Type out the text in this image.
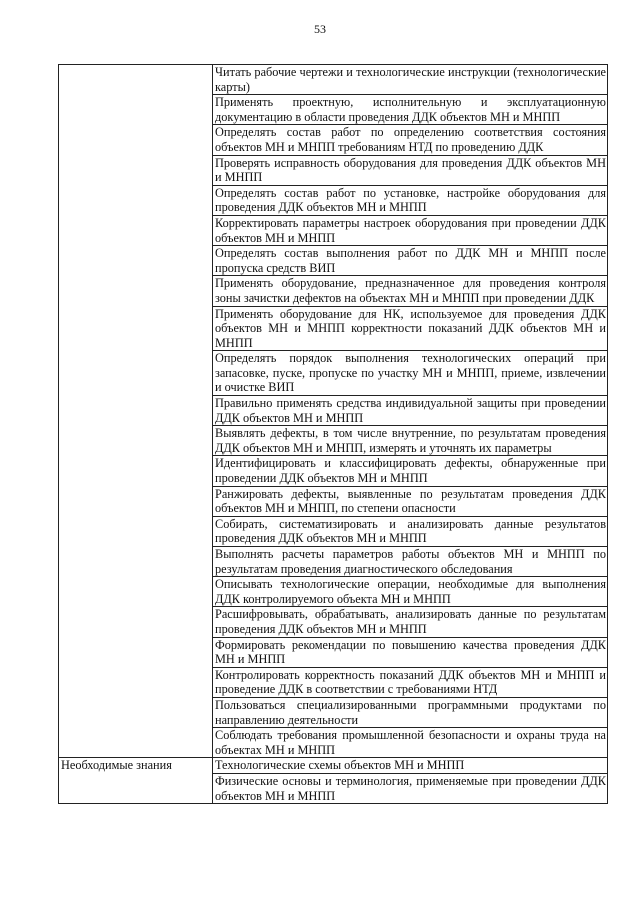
53
	Читать рабочие чертежи и технологические инструкции (технологические карты)
	Применять проектную, исполнительную и эксплуатационную документацию в области проведения ДДК объектов МН и МНПП
	Определять состав работ по определению соответствия состояния объектов МН и МНПП требованиям НТД по проведению ДДК
	Проверять исправность оборудования для проведения ДДК объектов МН и МНПП
	Определять состав работ по установке, настройке оборудования для проведения ДДК объектов МН и МНПП
	Корректировать параметры настроек оборудования при проведении ДДК объектов МН и МНПП
	Определять состав выполнения работ по ДДК МН и МНПП после пропуска средств ВИП
	Применять оборудование, предназначенное для проведения контроля зоны зачистки дефектов на объектах МН и МНПП при проведении ДДК
	Применять оборудование для НК, используемое для проведения ДДК объектов МН и МНПП корректности показаний ДДК объектов МН и МНПП
	Определять порядок выполнения технологических операций при запасовке, пуске, пропуске по участку МН и МНПП, приеме, извлечении и очистке ВИП
	Правильно применять средства индивидуальной защиты при проведении ДДК объектов МН и МНПП
	Выявлять дефекты, в том числе внутренние, по результатам проведения ДДК объектов МН и МНПП, измерять и уточнять их параметры
	Идентифицировать и классифицировать дефекты, обнаруженные при проведении ДДК объектов МН и МНПП
	Ранжировать дефекты, выявленные по результатам проведения ДДК объектов МН и МНПП, по степени опасности
	Собирать, систематизировать и анализировать данные результатов проведения ДДК объектов МН и МНПП
	Выполнять расчеты параметров работы объектов МН и МНПП по результатам проведения диагностического обследования
	Описывать технологические операции, необходимые для выполнения ДДК контролируемого объекта МН и МНПП
	Расшифровывать, обрабатывать, анализировать данные по результатам проведения ДДК объектов МН и МНПП
	Формировать рекомендации по повышению качества проведения ДДК МН и МНПП
	Контролировать корректность показаний ДДК объектов МН и МНПП и проведение ДДК в соответствии с требованиями НТД
	Пользоваться специализированными программными продуктами по направлению деятельности
	Соблюдать требования промышленной безопасности и охраны труда на объектах МН и МНПП
Необходимые знания	Технологические схемы объектов МН и МНПП
	Физические основы и терминология, применяемые при проведении ДДК объектов МН и МНПП
